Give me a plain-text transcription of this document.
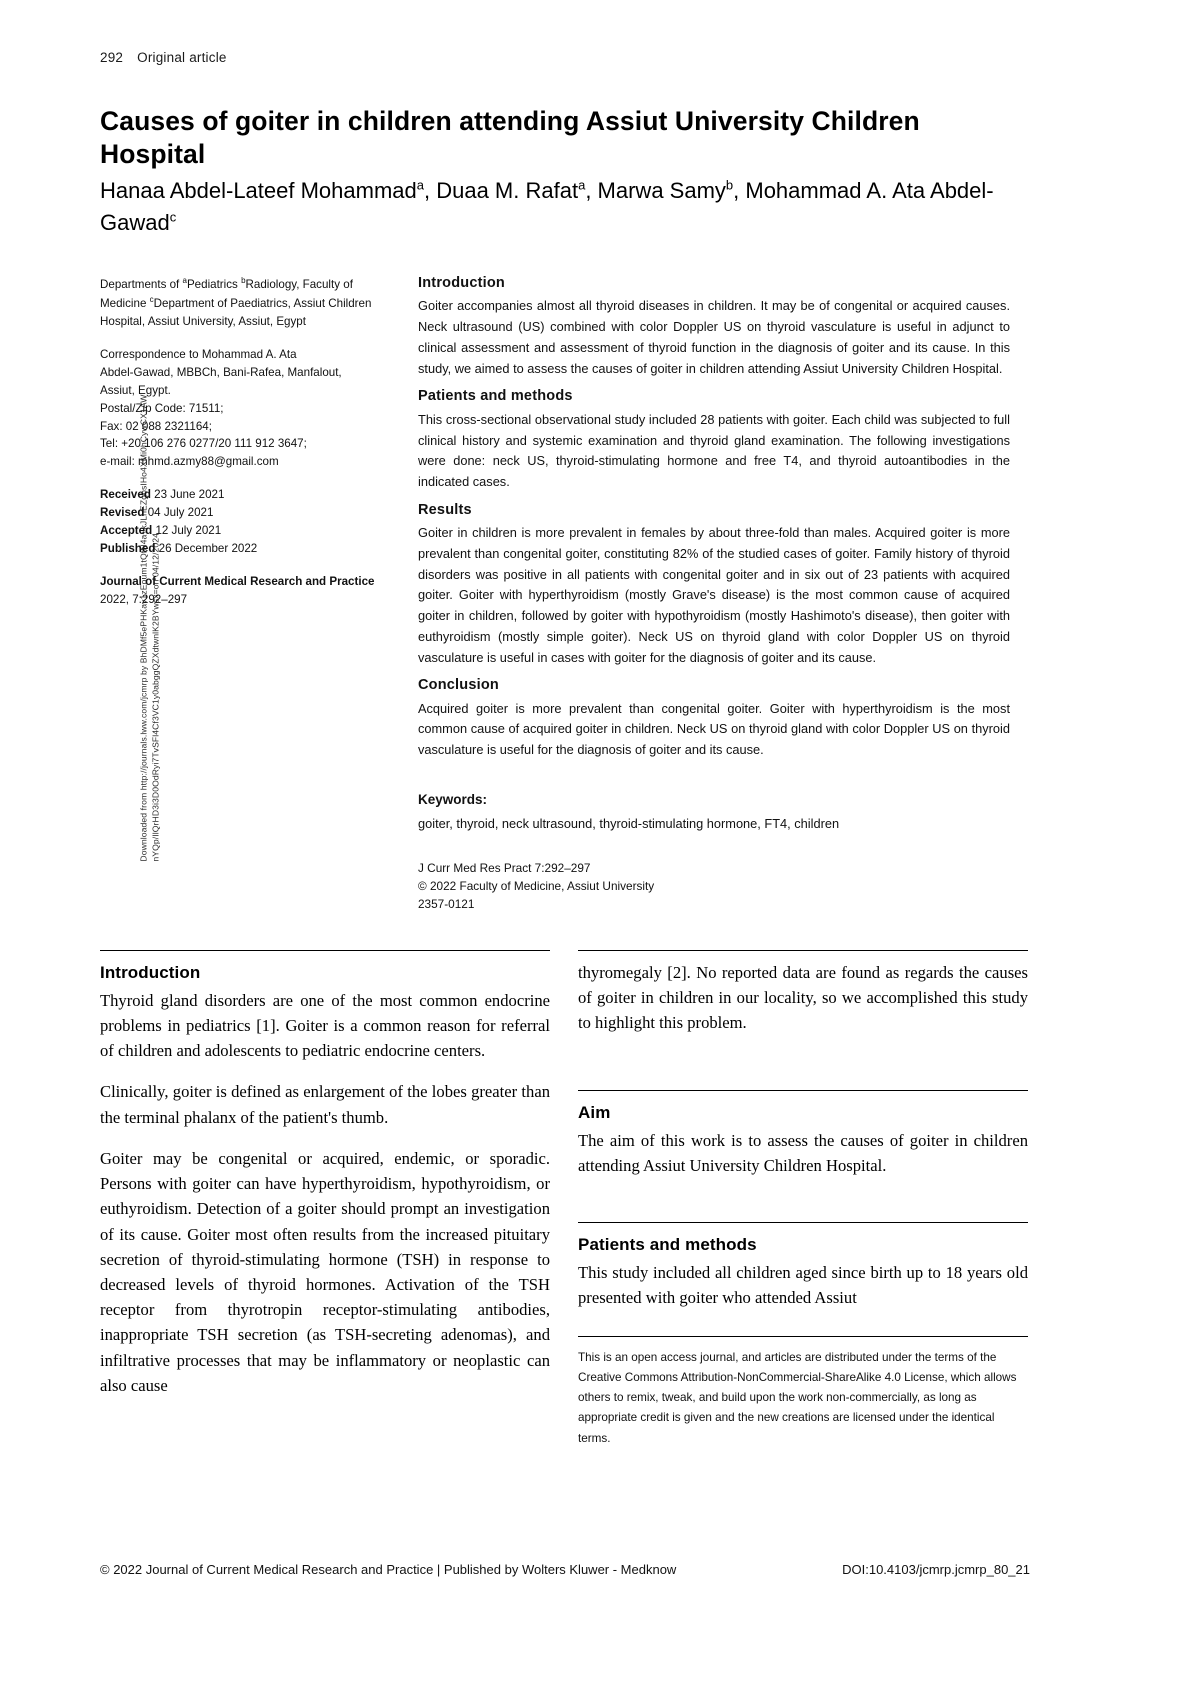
292 Original article
Causes of goiter in children attending Assiut University Children Hospital
Hanaa Abdel-Lateef Mohammad$^a$, Duaa M. Rafat$^a$, Marwa Samy$^b$, Mohammad A. Ata Abdel-Gawad$^c$
Downloaded from http://journals.lww.com/jcmrp by BhDMf5ePHKav1zEoum1tQfN4a+kJLhEZgbsIHo4XMi0hCywCX1AW nYQp/IlQrHD3i3D0OdRyi7TvSFl4Cf3VC1y0abggQZXdtwnlK2BYwsx=on 04/12/2024
Departments of $^a$Pediatrics $^b$Radiology, Faculty of Medicine $^c$Department of Paediatrics, Assiut Children Hospital, Assiut University, Assiut, Egypt
Correspondence to Mohammad A. Ata
Abdel-Gawad, MBBCh, Bani-Rafea, Manfalout,
Assiut, Egypt.
Postal/Zip Code: 71511;
Fax: 02 088 2321164;
Tel: +20 106 276 0277/20 111 912 3647;
e-mail: mhmd.azmy88@gmail.com
Received 23 June 2021
Revised 04 July 2021
Accepted 12 July 2021
Published 26 December 2022
Journal of Current Medical Research and Practice
2022, 7:292–297
Introduction

Goiter accompanies almost all thyroid diseases in children. It may be of congenital or acquired causes. Neck ultrasound (US) combined with color Doppler US on thyroid vasculature is useful in adjunct to clinical assessment and assessment of thyroid function in the diagnosis of goiter and its cause. In this study, we aimed to assess the causes of goiter in children attending Assiut University Children Hospital.

Patients and methods

This cross-sectional observational study included 28 patients with goiter. Each child was subjected to full clinical history and systemic examination and thyroid gland examination. The following investigations were done: neck US, thyroid-stimulating hormone and free T4, and thyroid autoantibodies in the indicated cases.

Results

Goiter in children is more prevalent in females by about three-fold than males. Acquired goiter is more prevalent than congenital goiter, constituting 82% of the studied cases of goiter. Family history of thyroid disorders was positive in all patients with congenital goiter and in six out of 23 patients with acquired goiter. Goiter with hyperthyroidism (mostly Grave's disease) is the most common cause of acquired goiter in children, followed by goiter with hypothyroidism (mostly Hashimoto's disease), then goiter with euthyroidism (mostly simple goiter). Neck US on thyroid gland with color Doppler US on thyroid vasculature is useful in cases with goiter for the diagnosis of goiter and its cause.

Conclusion

Acquired goiter is more prevalent than congenital goiter. Goiter with hyperthyroidism is the most common cause of acquired goiter in children. Neck US on thyroid gland with color Doppler US on thyroid vasculature is useful for the diagnosis of goiter and its cause.

Keywords:

goiter, thyroid, neck ultrasound, thyroid-stimulating hormone, FT4, children

J Curr Med Res Pract 7:292–297
© 2022 Faculty of Medicine, Assiut University
2357-0121
Introduction

Thyroid gland disorders are one of the most common endocrine problems in pediatrics [1]. Goiter is a common reason for referral of children and adolescents to pediatric endocrine centers.

Clinically, goiter is defined as enlargement of the lobes greater than the terminal phalanx of the patient's thumb.

Goiter may be congenital or acquired, endemic, or sporadic. Persons with goiter can have hyperthyroidism, hypothyroidism, or euthyroidism. Detection of a goiter should prompt an investigation of its cause. Goiter most often results from the increased pituitary secretion of thyroid-stimulating hormone (TSH) in response to decreased levels of thyroid hormones. Activation of the TSH receptor from thyrotropin receptor-stimulating antibodies, inappropriate TSH secretion (as TSH-secreting adenomas), and infiltrative processes that may be inflammatory or neoplastic can also cause

thyromegaly [2]. No reported data are found as regards the causes of goiter in children in our locality, so we accomplished this study to highlight this problem.

Aim

The aim of this work is to assess the causes of goiter in children attending Assiut University Children Hospital.

Patients and methods

This study included all children aged since birth up to 18 years old presented with goiter who attended Assiut

This is an open access journal, and articles are distributed under the terms of the Creative Commons Attribution-NonCommercial-ShareAlike 4.0 License, which allows others to remix, tweak, and build upon the work non-commercially, as long as appropriate credit is given and the new creations are licensed under the identical terms.
© 2022 Journal of Current Medical Research and Practice | Published by Wolters Kluwer - Medknow	DOI:10.4103/jcmrp.jcmrp_80_21
